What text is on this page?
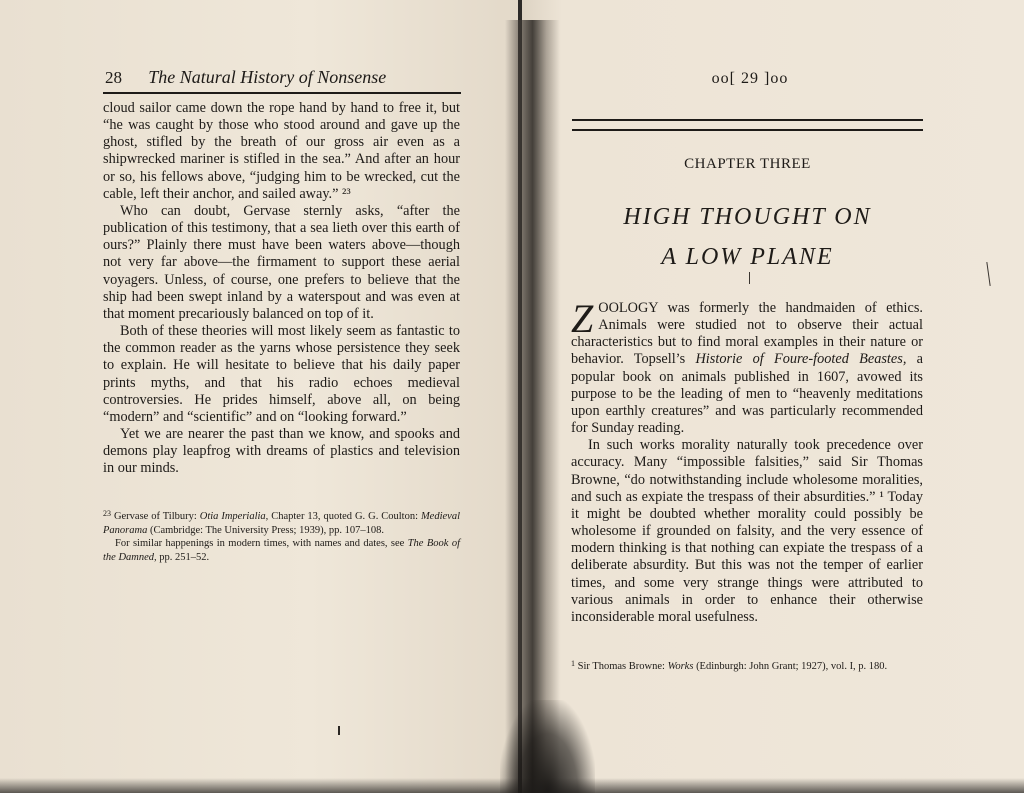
28 The Natural History of Nonsense

cloud sailor came down the rope hand by hand to free it, but “he was caught by those who stood around and gave up the ghost, stifled by the breath of our gross air even as a shipwrecked mariner is stifled in the sea.” And after an hour or so, his fellows above, “judging him to be wrecked, cut the cable, left their anchor, and sailed away.” ²³

Who can doubt, Gervase sternly asks, “after the publication of this testimony, that a sea lieth over this earth of ours?” Plainly there must have been waters above—though not very far above—the firmament to support these aerial voyagers. Unless, of course, one prefers to believe that the ship had been swept inland by a waterspout and was even at that moment precariously balanced on top of it.

Both of these theories will most likely seem as fantastic to the common reader as the yarns whose persistence they seek to explain. He will hesitate to believe that his daily paper prints myths, and that his radio echoes medieval controversies. He prides himself, above all, on being “modern” and “scientific” and on “looking forward.”

Yet we are nearer the past than we know, and spooks and demons play leapfrog with dreams of plastics and television in our minds.

$^{23}$ Gervase of Tilbury: Otia Imperialia, Chapter 13, quoted G. G. Coulton: Medieval Panorama (Cambridge: The University Press; 1939), pp. 107–108.

For similar happenings in modern times, with names and dates, see The Book of the Damned, pp. 251–52.

oo[ 29 ]oo
CHAPTER THREE
HIGH THOUGHT ON
A LOW PLANE

ZOOLOGY was formerly the handmaiden of ethics. Animals were studied not to observe their actual characteristics but to find moral examples in their nature or behavior. Topsell’s Historie of Foure-footed Beastes, a popular book on animals published in 1607, avowed its purpose to be the leading of men to “heavenly meditations upon earthly creatures” and was particularly recommended for Sunday reading.

In such works morality naturally took precedence over accuracy. Many “impossible falsities,” said Sir Thomas Browne, “do notwithstanding include wholesome moralities, and such as expiate the trespass of their absurdities.” ¹ Today it might be doubted whether morality could possibly be wholesome if grounded on falsity, and the very essence of modern thinking is that nothing can expiate the trespass of a deliberate absurdity. But this was not the temper of earlier times, and some very strange things were attributed to various animals in order to enhance their otherwise inconsiderable moral usefulness.

$^1$ Sir Thomas Browne: Works (Edinburgh: John Grant; 1927), vol. I, p. 180.
